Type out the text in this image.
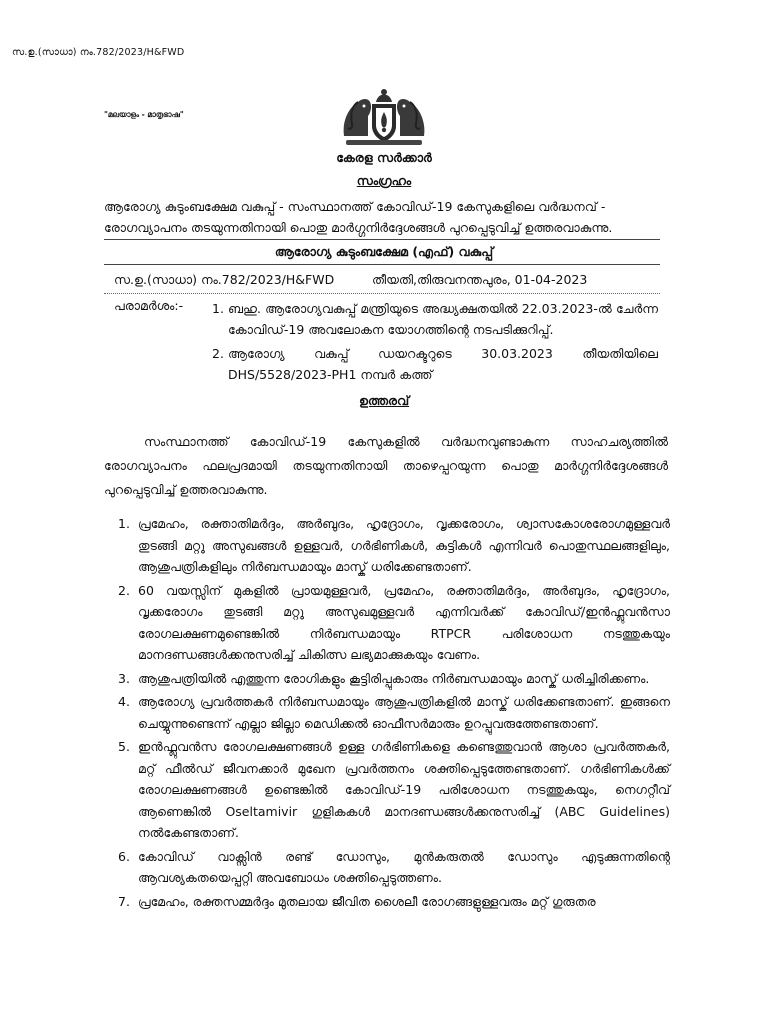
സ.ഉ.(സാധാ) നം.782/2023/H&FWD
"മലയാളം - മാതൃഭാഷ"
കേരള സർക്കാർ
സംഗ്രഹം

ആരോഗ്യ കുടുംബക്ഷേമ വകുപ്പ് - സംസ്ഥാനത്ത് കോവിഡ്-19 കേസുകളിലെ വർദ്ധനവ് -

രോഗവ്യാപനം തടയുന്നതിനായി പൊതു മാർഗ്ഗനിർദ്ദേശങ്ങൾ പുറപ്പെടുവിച്ച് ഉത്തരവാകുന്നു.

ആരോഗ്യ കുടുംബക്ഷേമ (എഫ്) വകുപ്പ്
സ.ഉ.(സാധാ) നം.782/2023/H&FWD	തീയതി,തിരുവനന്തപുരം, 01-04-2023
പരാമർശം:- 1. ബഹു. ആരോഗ്യവകുപ്പ് മന്ത്രിയുടെ അദ്ധ്യക്ഷതയിൽ 22.03.2023-ൽ ചേർന്ന കോവിഡ്-19 അവലോകന യോഗത്തിന്റെ നടപടിക്കുറിപ്പ്.
2. ആരോഗ്യ വകുപ്പ് ഡയറക്ടറുടെ 30.03.2023 തീയതിയിലെ DHS/5528/2023-PH1 നമ്പർ കത്ത്
ഉത്തരവ്

സംസ്ഥാനത്ത് കോവിഡ്-19 കേസുകളിൽ വർദ്ധനവുണ്ടാകുന്ന സാഹചര്യത്തിൽ രോഗവ്യാപനം ഫലപ്രദമായി തടയുന്നതിനായി താഴെപ്പറയുന്ന പൊതു മാർഗ്ഗനിർദ്ദേശങ്ങൾ പുറപ്പെടുവിച്ച് ഉത്തരവാകുന്നു.

1. പ്രമേഹം, രക്താതിമർദ്ദം, അർബുദം, ഹൃദ്രോഗം, വൃക്കരോഗം, ശ്വാസകോശരോഗമുള്ളവർ തുടങ്ങി മറ്റു അസുഖങ്ങൾ ഉള്ളവർ, ഗർഭിണികൾ, കുട്ടികൾ എന്നിവർ പൊതുസ്ഥലങ്ങളിലും, ആശുപത്രികളിലും നിർബന്ധമായും മാസ്ക് ധരിക്കേണ്ടതാണ്.
2. 60 വയസ്സിന് മുകളിൽ പ്രായമുള്ളവർ, പ്രമേഹം, രക്താതിമർദ്ദം, അർബുദം, ഹൃദ്രോഗം, വൃക്കരോഗം തുടങ്ങി മറ്റു അസുഖമുള്ളവർ എന്നിവർക്ക് കോവിഡ്/ഇൻഫ്ലുവൻസാ രോഗലക്ഷണമുണ്ടെങ്കിൽ നിർബന്ധമായും RTPCR പരിശോധന നടത്തുകയും മാനദണ്ഡങ്ങൾക്കനുസരിച്ച് ചികിത്സ ലഭ്യമാക്കുകയും വേണം.
3. ആശുപത്രിയിൽ എത്തുന്ന രോഗികളും കൂട്ടിരിപ്പുകാരും നിർബന്ധമായും മാസ്ക് ധരിച്ചിരിക്കണം.
4. ആരോഗ്യ പ്രവർത്തകർ നിർബന്ധമായും ആശുപത്രികളിൽ മാസ്ക് ധരിക്കേണ്ടതാണ്. ഇങ്ങനെ ചെയ്യുന്നുണ്ടെന്ന് എല്ലാ ജില്ലാ മെഡിക്കൽ ഓഫീസർമാരും ഉറപ്പുവരുത്തേണ്ടതാണ്.
5. ഇൻഫ്ലുവൻസ രോഗലക്ഷണങ്ങൾ ഉള്ള ഗർഭിണികളെ കണ്ടെത്തുവാൻ ആശാ പ്രവർത്തകർ, മറ്റ് ഫീൽഡ് ജീവനക്കാർ മുഖേന പ്രവർത്തനം ശക്തിപ്പെടുത്തേണ്ടതാണ്. ഗർഭിണികൾക്ക് രോഗലക്ഷണങ്ങൾ ഉണ്ടെങ്കിൽ കോവിഡ്-19 പരിശോധന നടത്തുകയും, നെഗറ്റീവ് ആണെങ്കിൽ Oseltamivir ഗുളികകൾ മാനദണ്ഡങ്ങൾക്കനുസരിച്ച് (ABC Guidelines) നൽകേണ്ടതാണ്.
6. കോവിഡ് വാക്സിൻ രണ്ട് ഡോസും, മുൻകരുതൽ ഡോസും എടുക്കുന്നതിന്റെ ആവശ്യകതയെപ്പറ്റി അവബോധം ശക്തിപ്പെടുത്തണം.
7. പ്രമേഹം, രക്തസമ്മർദ്ദം മുതലായ ജീവിത ശൈലീ രോഗങ്ങളുള്ളവരും മറ്റ് ഗുരുതര
